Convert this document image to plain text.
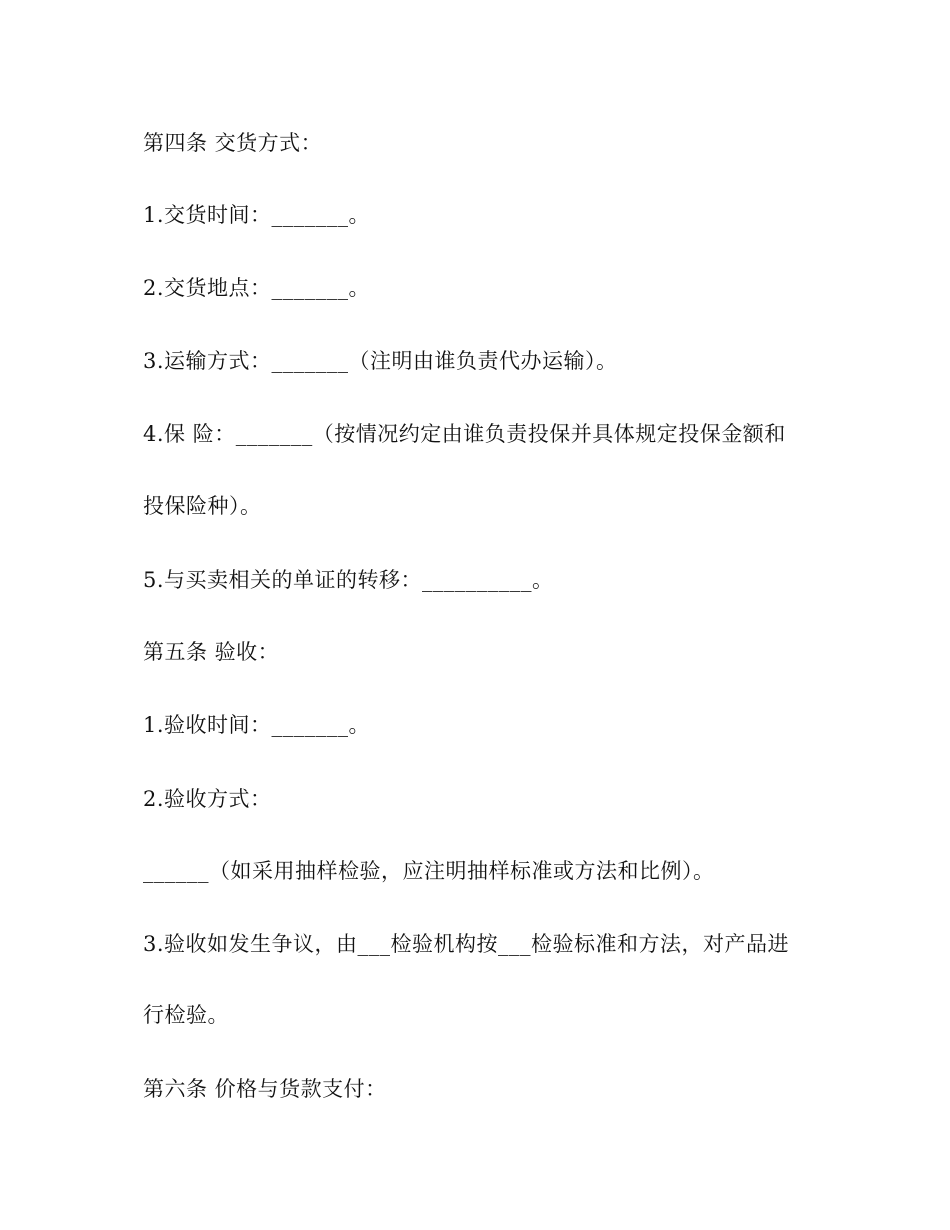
第四条 交货方式：
1.交货时间：_______。
2.交货地点：_______。
3.运输方式：_______（注明由谁负责代办运输）。
4.保 险：_______（按情况约定由谁负责投保并具体规定投保金额和
投保险种）。
5.与买卖相关的单证的转移：__________。
第五条 验收：
1.验收时间：_______。
2.验收方式：
______（如采用抽样检验，应注明抽样标准或方法和比例）。
3.验收如发生争议，由___检验机构按___检验标准和方法，对产品进
行检验。
第六条 价格与货款支付：
